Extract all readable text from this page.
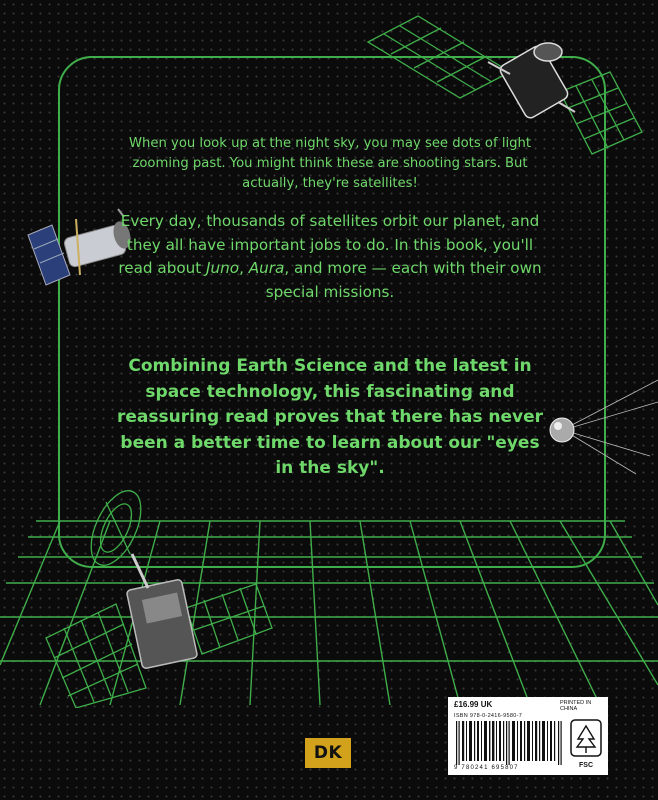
When you look up at the night sky, you may see dots of light zooming past. You might think these are shooting stars. But actually, they're satellites!
Every day, thousands of satellites orbit our planet, and they all have important jobs to do. In this book, you'll read about Juno, Aura, and more — each with their own special missions.
Combining Earth Science and the latest in space technology, this fascinating and reassuring read proves that there has never been a better time to learn about our "eyes in the sky".
£16.99 UK	PRINTED IN CHINA
ISBN 978-0-2416-9580-7
9 780241 695807	FSC
DK
